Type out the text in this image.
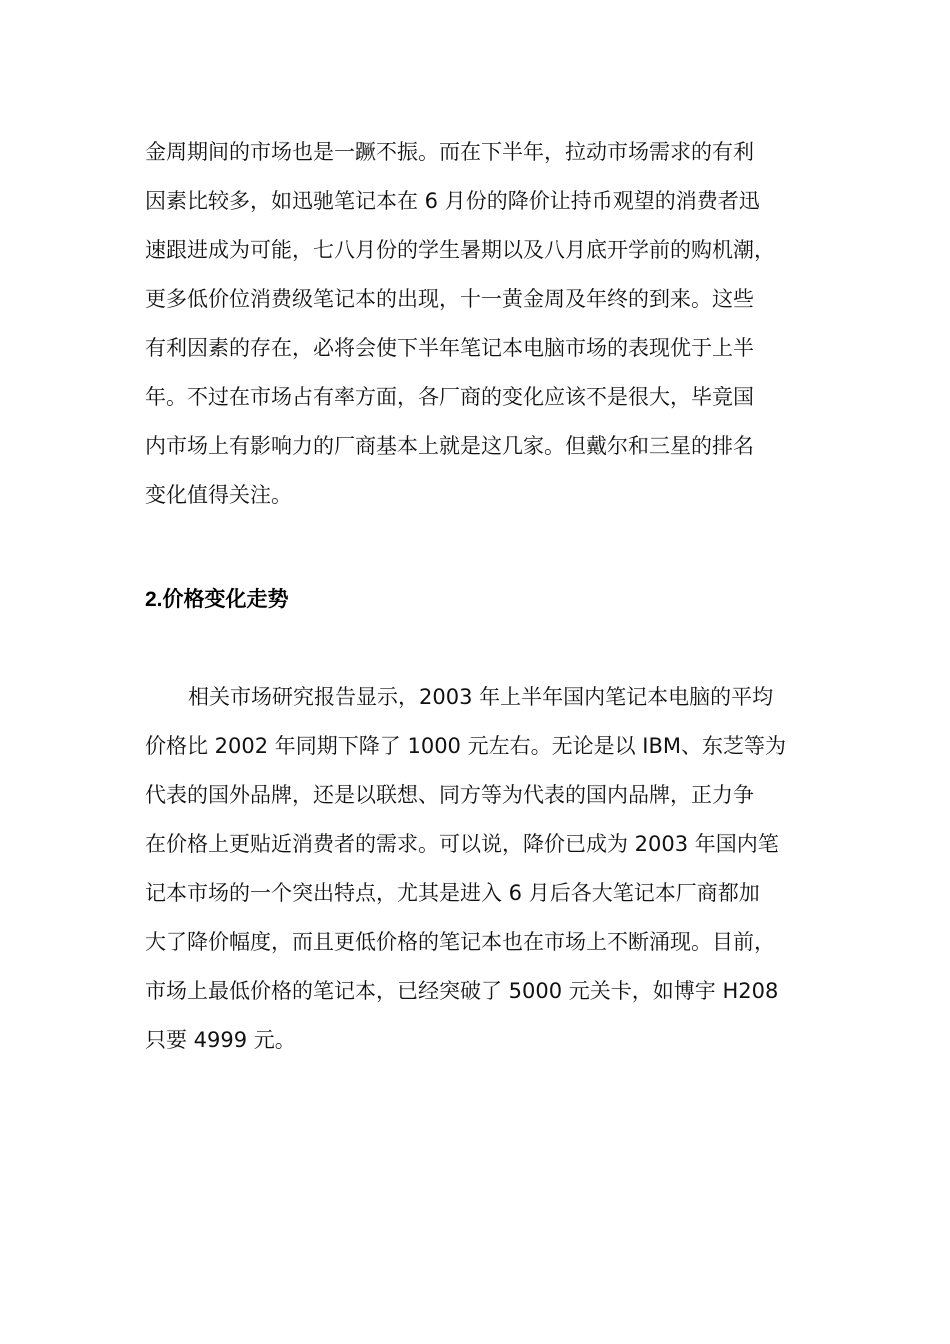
金周期间的市场也是一蹶不振。而在下半年，拉动市场需求的有利
因素比较多，如迅驰笔记本在 6 月份的降价让持币观望的消费者迅
速跟进成为可能，七八月份的学生暑期以及八月底开学前的购机潮，
更多低价位消费级笔记本的出现，十一黄金周及年终的到来。这些
有利因素的存在，必将会使下半年笔记本电脑市场的表现优于上半
年。不过在市场占有率方面，各厂商的变化应该不是很大，毕竟国
内市场上有影响力的厂商基本上就是这几家。但戴尔和三星的排名
变化值得关注。
2.价格变化走势
相关市场研究报告显示，2003 年上半年国内笔记本电脑的平均
价格比 2002 年同期下降了 1000 元左右。无论是以 IBM、东芝等为
代表的国外品牌，还是以联想、同方等为代表的国内品牌，正力争
在价格上更贴近消费者的需求。可以说，降价已成为 2003 年国内笔
记本市场的一个突出特点，尤其是进入 6 月后各大笔记本厂商都加
大了降价幅度，而且更低价格的笔记本也在市场上不断涌现。目前，
市场上最低价格的笔记本，已经突破了 5000 元关卡，如博宇 H208
只要 4999 元。
